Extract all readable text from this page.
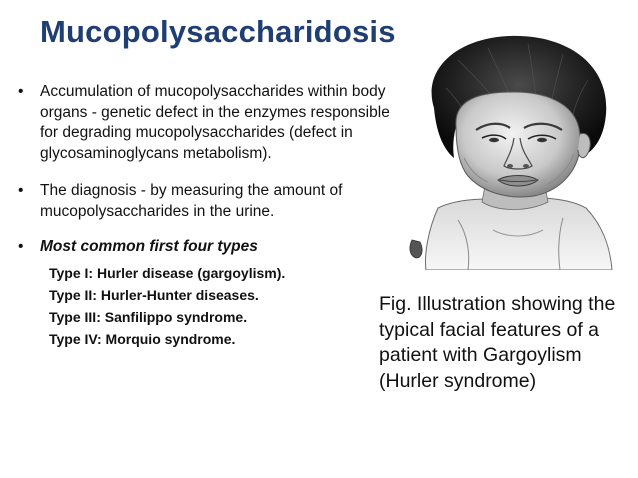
Mucopolysaccharidosis
• Accumulation of mucopolysaccharides within body organs - genetic defect in the enzymes responsible for degrading mucopolysaccharides (defect in glycosaminoglycans metabolism).
• The diagnosis - by measuring the amount of mucopolysaccharides in the urine.
• Most common first four types
Type I: Hurler disease (gargoylism).
Type II: Hurler-Hunter diseases.
Type III: Sanfilippo syndrome.
Type IV: Morquio syndrome.
Fig. Illustration showing the typical facial features of a patient with Gargoylism (Hurler syndrome)
